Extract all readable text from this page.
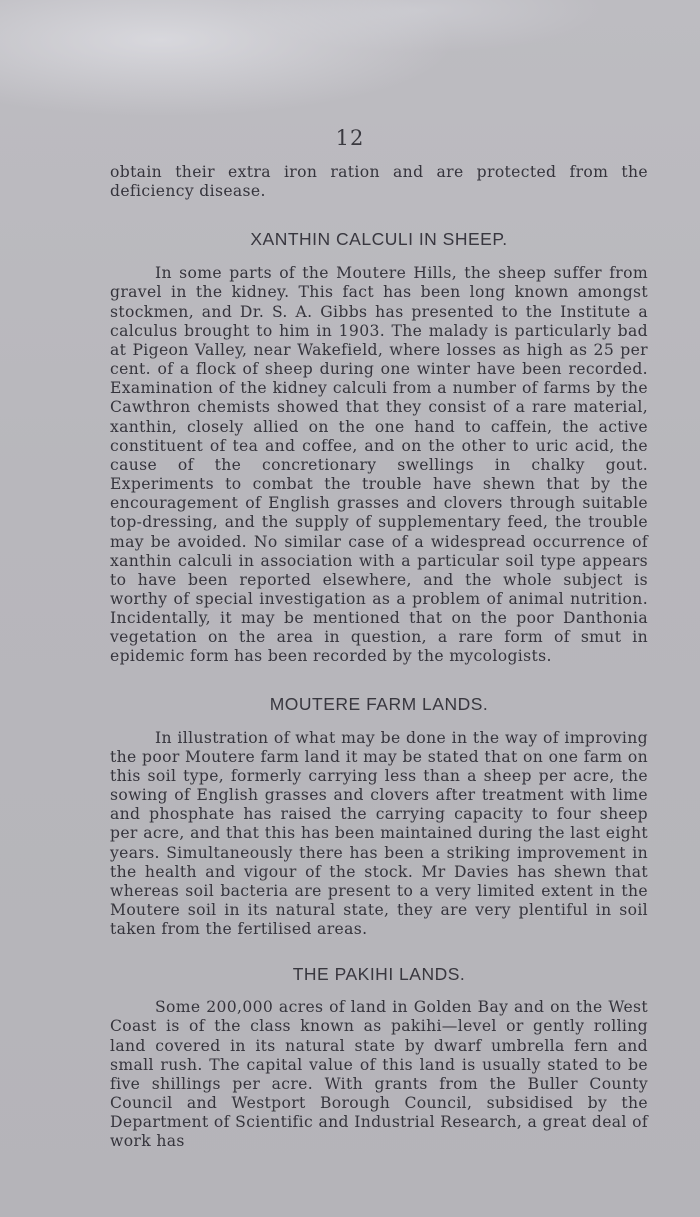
12

obtain their extra iron ration and are protected from the deficiency disease.

XANTHIN CALCULI IN SHEEP.

In some parts of the Moutere Hills, the sheep suffer from gravel in the kidney. This fact has been long known amongst stockmen, and Dr. S. A. Gibbs has presented to the Institute a calculus brought to him in 1903. The malady is particularly bad at Pigeon Valley, near Wakefield, where losses as high as 25 per cent. of a flock of sheep during one winter have been recorded. Examination of the kidney calculi from a number of farms by the Cawthron chemists showed that they consist of a rare material, xanthin, closely allied on the one hand to caffein, the active constituent of tea and coffee, and on the other to uric acid, the cause of the concretionary swellings in chalky gout. Experiments to combat the trouble have shewn that by the encouragement of English grasses and clovers through suitable top-dressing, and the supply of supplementary feed, the trouble may be avoided. No similar case of a widespread occurrence of xanthin calculi in association with a particular soil type appears to have been reported elsewhere, and the whole subject is worthy of special investigation as a problem of animal nutrition. Incidentally, it may be mentioned that on the poor Danthonia vegetation on the area in question, a rare form of smut in epidemic form has been recorded by the mycologists.

MOUTERE FARM LANDS.

In illustration of what may be done in the way of improving the poor Moutere farm land it may be stated that on one farm on this soil type, formerly carrying less than a sheep per acre, the sowing of English grasses and clovers after treatment with lime and phosphate has raised the carrying capacity to four sheep per acre, and that this has been maintained during the last eight years. Simultaneously there has been a striking improvement in the health and vigour of the stock. Mr Davies has shewn that whereas soil bacteria are present to a very limited extent in the Moutere soil in its natural state, they are very plentiful in soil taken from the fertilised areas.

THE PAKIHI LANDS.

Some 200,000 acres of land in Golden Bay and on the West Coast is of the class known as pakihi—level or gently rolling land covered in its natural state by dwarf umbrella fern and small rush. The capital value of this land is usually stated to be five shillings per acre. With grants from the Buller County Council and Westport Borough Council, subsidised by the Department of Scientific and Industrial Research, a great deal of work has
